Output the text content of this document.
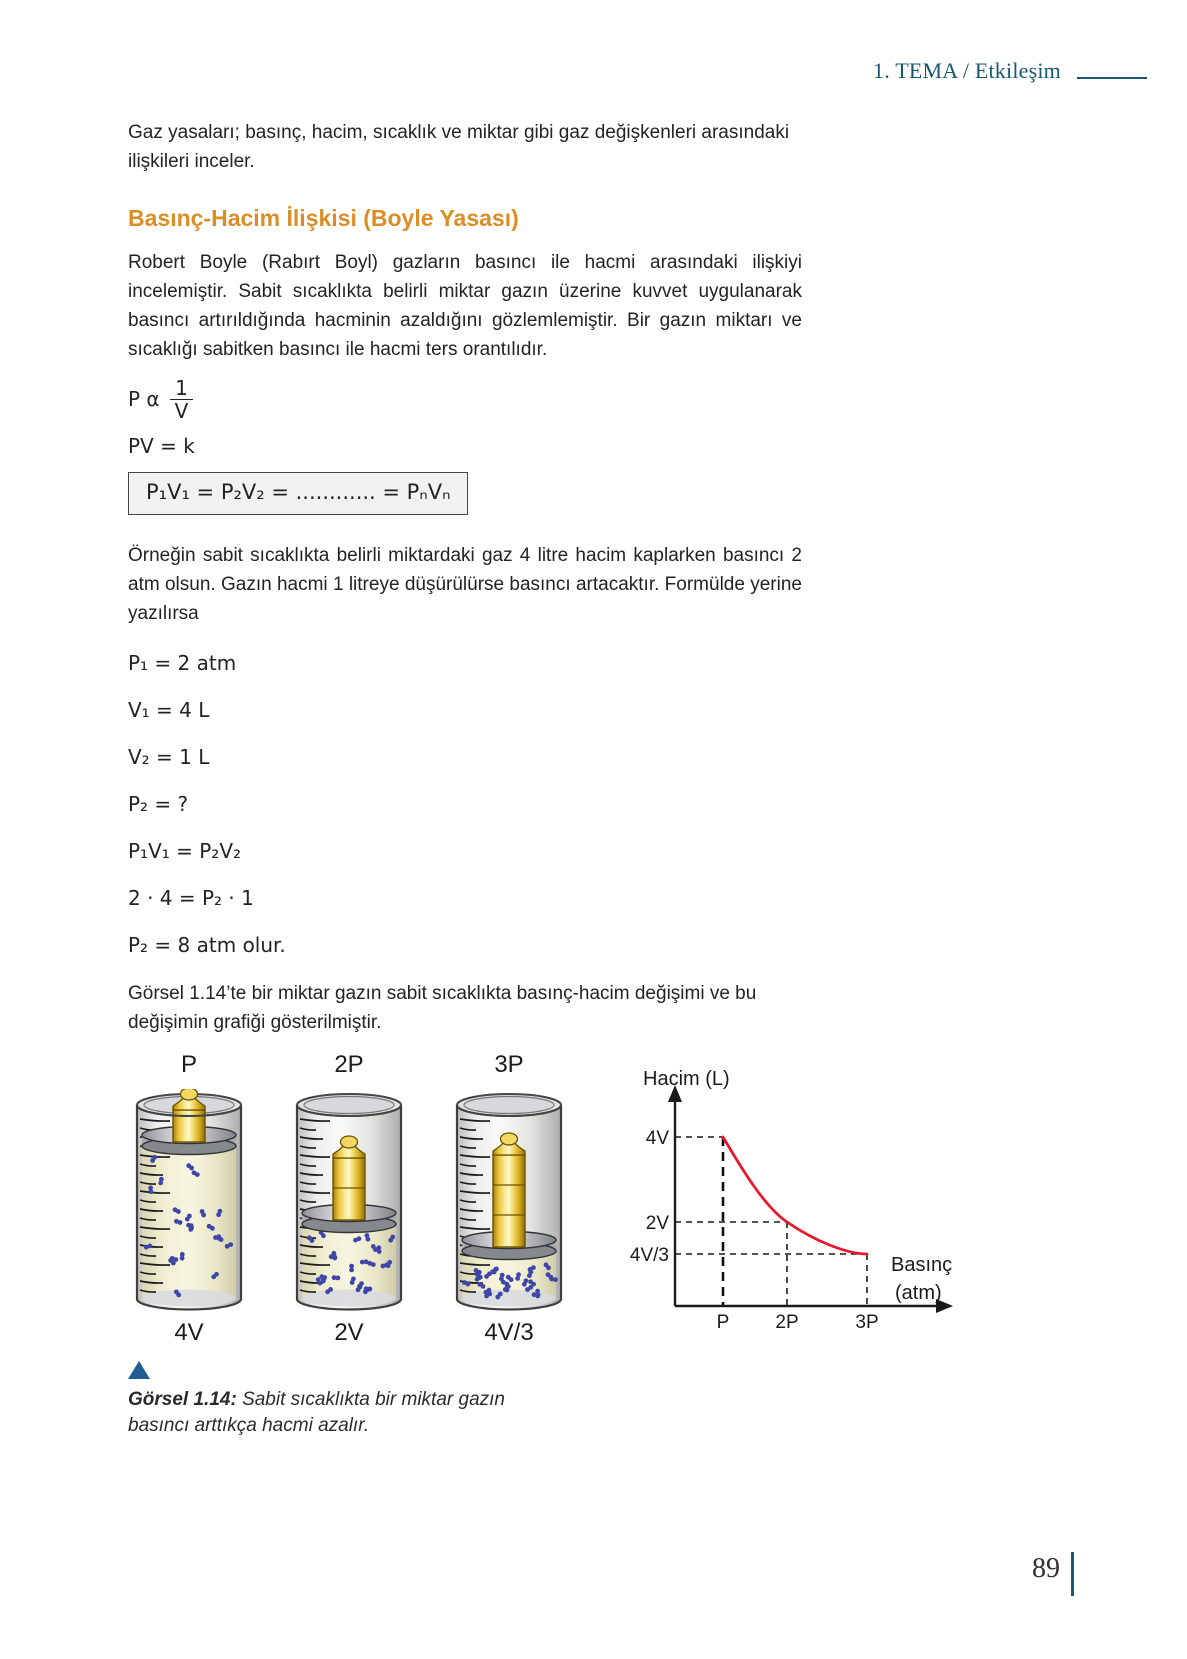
1. TEMA / Etkileşim

Gaz yasaları; basınç, hacim, sıcaklık ve miktar gibi gaz değişkenleri arasındaki ilişkileri inceler.

Basınç-Hacim İlişkisi (Boyle Yasası)

Robert Boyle (Rabırt Boyl) gazların basıncı ile hacmi arasındaki ilişkiyi incelemiştir. Sabit sıcaklıkta belirli miktar gazın üzerine kuvvet uygulanarak basıncı artırıldığında hacminin azaldığını gözlemlemiştir. Bir gazın miktarı ve sıcaklığı sabitken basıncı ile hacmi ters orantılıdır.

P α $\frac{1}{V}$

PV = k

P₁V₁ = P₂V₂ = ............ = PₙVₙ

Örneğin sabit sıcaklıkta belirli miktardaki gaz 4 litre hacim kaplarken basıncı 2 atm olsun. Gazın hacmi 1 litreye düşürülürse basıncı artacaktır. Formülde yerine yazılırsa

P₁ = 2 atm

V₁ = 4 L

V₂ = 1 L

P₂ = ?

P₁V₁ = P₂V₂

2 · 4 = P₂ · 1

P₂ = 8 atm olur.

Görsel 1.14’te bir miktar gazın sabit sıcaklıkta basınç-hacim değişimi ve bu değişimin grafiği gösterilmiştir.

P
4V
2P
2V
3P
4V/3
Hacim (L)
4V
2V
4V/3
P 2P	3P
Basınç
(atm)

Görsel 1.14: Sabit sıcaklıkta bir miktar gazın basıncı arttıkça hacmi azalır.

89
